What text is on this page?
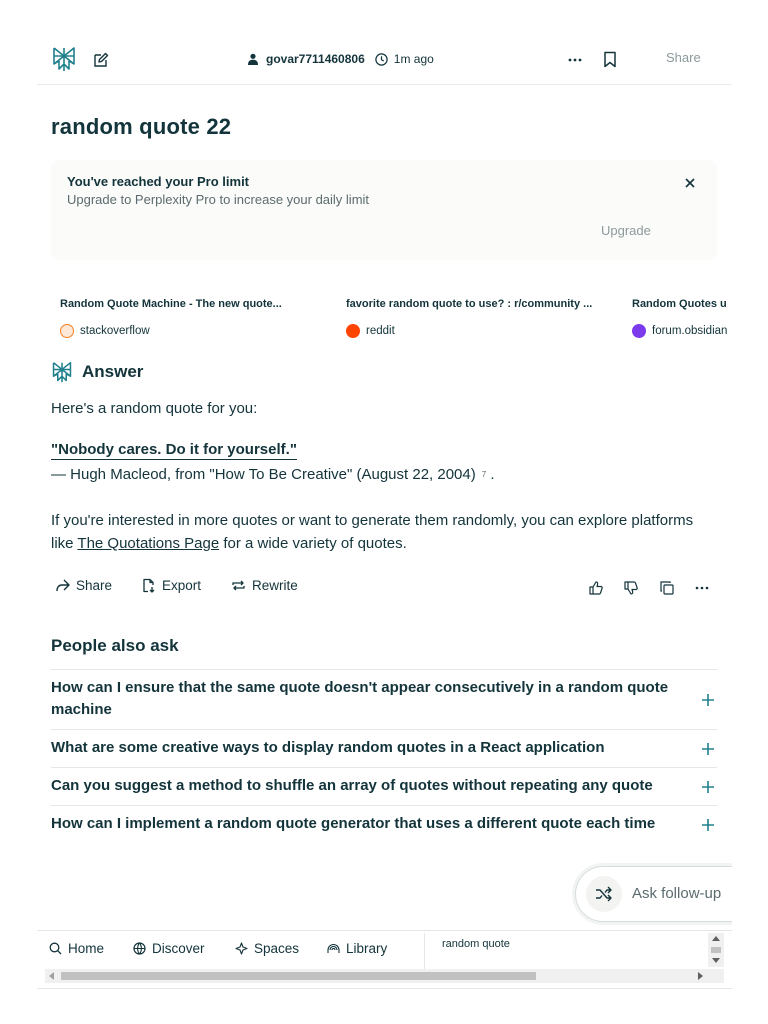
govar7711460806 1m ago	Share
random quote 22
You've reached your Pro limit
Upgrade to Perplexity Pro to increase your daily limit
Upgrade
Random Quote Machine - The new quote...
stackoverflow
favorite random quote to use? : r/community ...
reddit
Random Quotes u
forum.obsidian
Answer
Here's a random quote for you:
"Nobody cares. Do it for yourself."
— Hugh Macleod, from "How To Be Creative" (August 22, 2004) 7 .
If you're interested in more quotes or want to generate them randomly, you can explore platforms like The Quotations Page for a wide variety of quotes.
Share	Export	Rewrite
People also ask
How can I ensure that the same quote doesn't appear consecutively in a random quote machine
What are some creative ways to display random quotes in a React application
Can you suggest a method to shuffle an array of quotes without repeating any quote
How can I implement a random quote generator that uses a different quote each time
Ask follow-up
Home	Discover	Spaces	Library	random quote
